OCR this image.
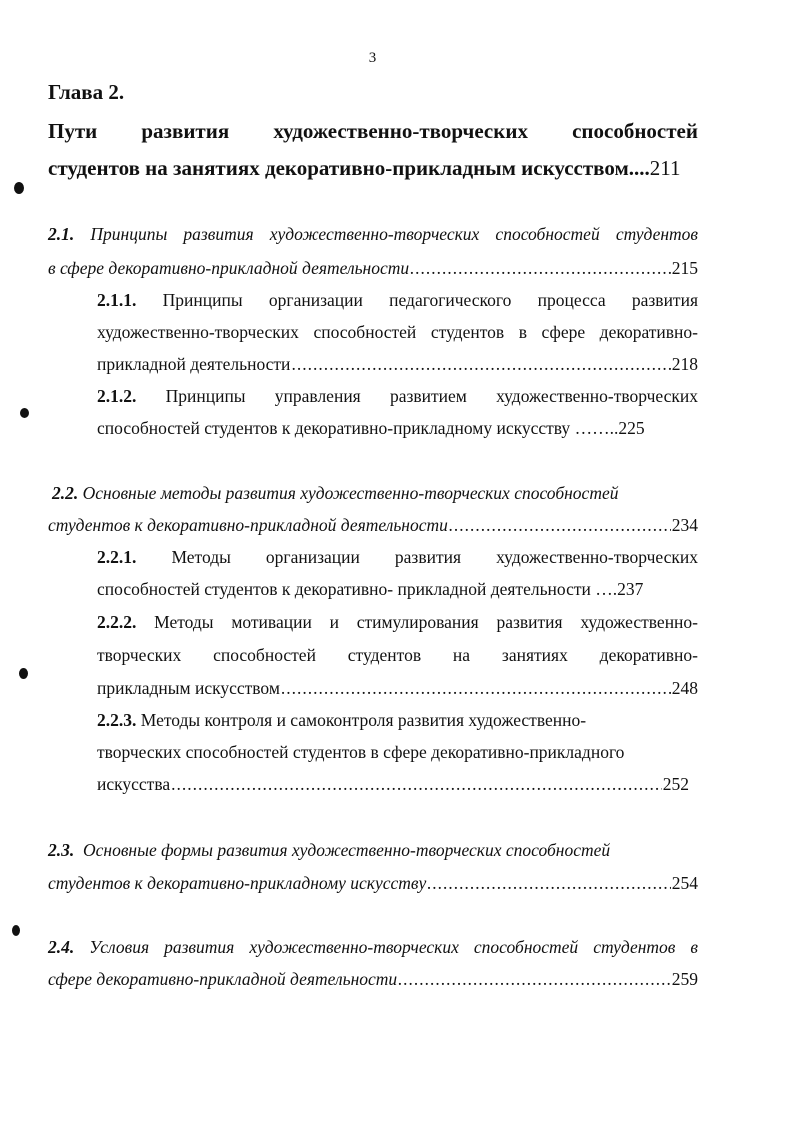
3
Глава 2.
Пути развития художественно-творческих способностей
студентов на занятиях декоративно-прикладным искусством....211
2.1. Принципы развития художественно-творческих способностей студентов
в сфере декоративно-прикладной деятельности .....	215
2.1.1. Принципы организации педагогического процесса развития
художественно-творческих способностей студентов в сфере декоративно-
прикладной деятельности .....	218
2.1.2. Принципы управления развитием художественно-творческих
способностей студентов к декоративно-прикладному искусству ……..225
2.2. Основные методы развития художественно-творческих способностей
студентов к декоративно-прикладной деятельности .....	234
2.2.1. Методы организации развития художественно-творческих
способностей студентов к декоративно- прикладной деятельности ….237
2.2.2. Методы мотивации и стимулирования развития художественно-
творческих способностей студентов на занятиях декоративно-
прикладным искусством .....	248
2.2.3. Методы контроля и самоконтроля развития художественно-
творческих способностей студентов в сфере декоративно-прикладного
искусства .....	252
2.3. Основные формы развития художественно-творческих способностей
студентов к декоративно-прикладному искусству .....	254
2.4. Условия развития художественно-творческих способностей студентов в
сфере декоративно-прикладной деятельности .....	259
